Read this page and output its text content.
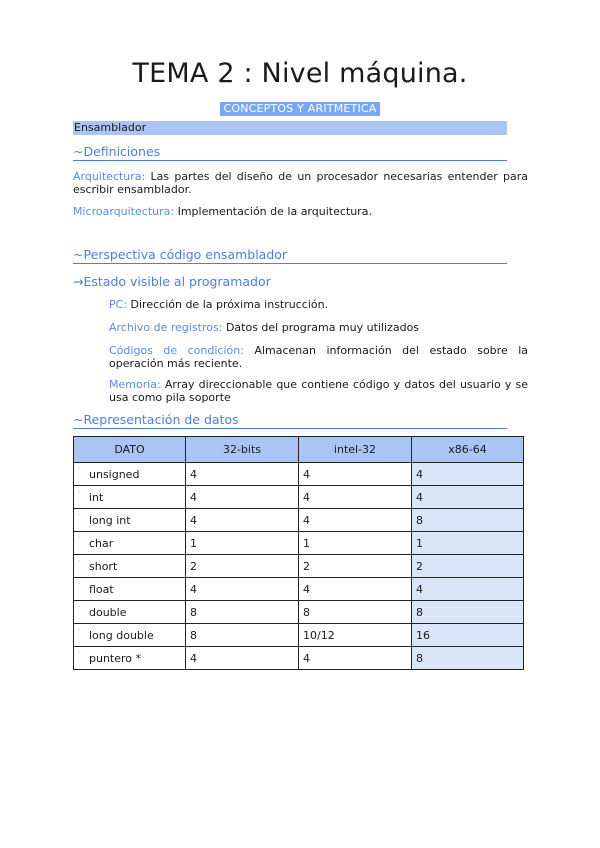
TEMA 2 : Nivel máquina.
CONCEPTOS Y ARITMETICA
Ensamblador
~Definiciones
Arquitectura: Las partes del diseño de un procesador necesarias entender para escribir ensamblador.
Microarquitectura: Implementación de la arquitectura.
~Perspectiva código ensamblador
→Estado visible al programador
PC: Dirección de la próxima instrucción.
Archivo de registros: Datos del programa muy utilizados
Códigos de condición: Almacenan información del estado sobre la operación más reciente.
Memoria: Array direccionable que contiene código y datos del usuario y se usa como pila soporte
~Representación de datos
DATO	32-bits	intel-32	x86-64
· unsigned	4	4	4
· int	4	4	4
· long int	4	4	8
· char	1	1	1
· short	2	2	2
· float	4	4	4
· double	8	8	8
· long double	8	10/12	16
· puntero *	4	4	8
